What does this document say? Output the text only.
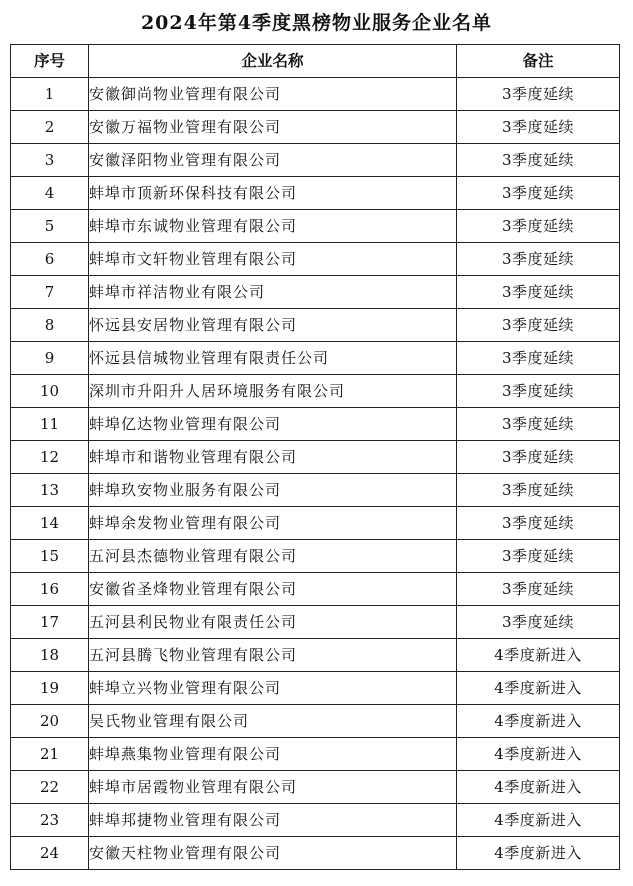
2024年第4季度黑榜物业服务企业名单
序号	企业名称	备注
1	安徽御尚物业管理有限公司	3季度延续
2	安徽万福物业管理有限公司	3季度延续
3	安徽泽阳物业管理有限公司	3季度延续
4	蚌埠市顶新环保科技有限公司	3季度延续
5	蚌埠市东诚物业管理有限公司	3季度延续
6	蚌埠市文轩物业管理有限公司	3季度延续
7	蚌埠市祥洁物业有限公司	3季度延续
8	怀远县安居物业管理有限公司	3季度延续
9	怀远县信城物业管理有限责任公司	3季度延续
10	深圳市升阳升人居环境服务有限公司	3季度延续
11	蚌埠亿达物业管理有限公司	3季度延续
12	蚌埠市和谐物业管理有限公司	3季度延续
13	蚌埠玖安物业服务有限公司	3季度延续
14	蚌埠余发物业管理有限公司	3季度延续
15	五河县杰德物业管理有限公司	3季度延续
16	安徽省圣烽物业管理有限公司	3季度延续
17	五河县利民物业有限责任公司	3季度延续
18	五河县腾飞物业管理有限公司	4季度新进入
19	蚌埠立兴物业管理有限公司	4季度新进入
20	吴氏物业管理有限公司	4季度新进入
21	蚌埠燕集物业管理有限公司	4季度新进入
22	蚌埠市居霞物业管理有限公司	4季度新进入
23	蚌埠邦捷物业管理有限公司	4季度新进入
24	安徽天柱物业管理有限公司	4季度新进入
